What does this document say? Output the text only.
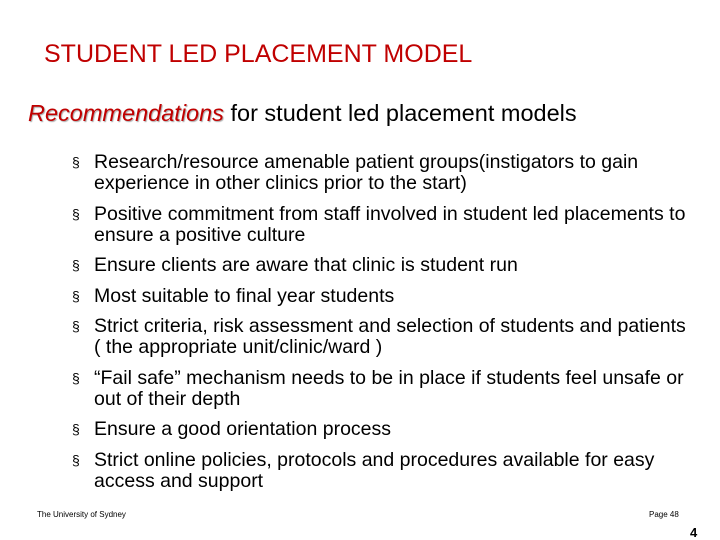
STUDENT LED PLACEMENT MODEL
Recommendations for student led placement models
§ Research/resource amenable patient groups(instigators to gain experience in other clinics prior to the start)
§ Positive commitment from staff involved in student led placements to ensure a positive culture
§ Ensure clients are aware that clinic is student run
§ Most suitable to final year students
§ Strict criteria, risk assessment and selection of students and patients ( the appropriate unit/clinic/ward )
§ “Fail safe” mechanism needs to be in place if students feel unsafe or out of their depth
§ Ensure a good orientation process
§ Strict online policies, protocols and procedures available for easy access and support
The University of Sydney	Page 48
4
